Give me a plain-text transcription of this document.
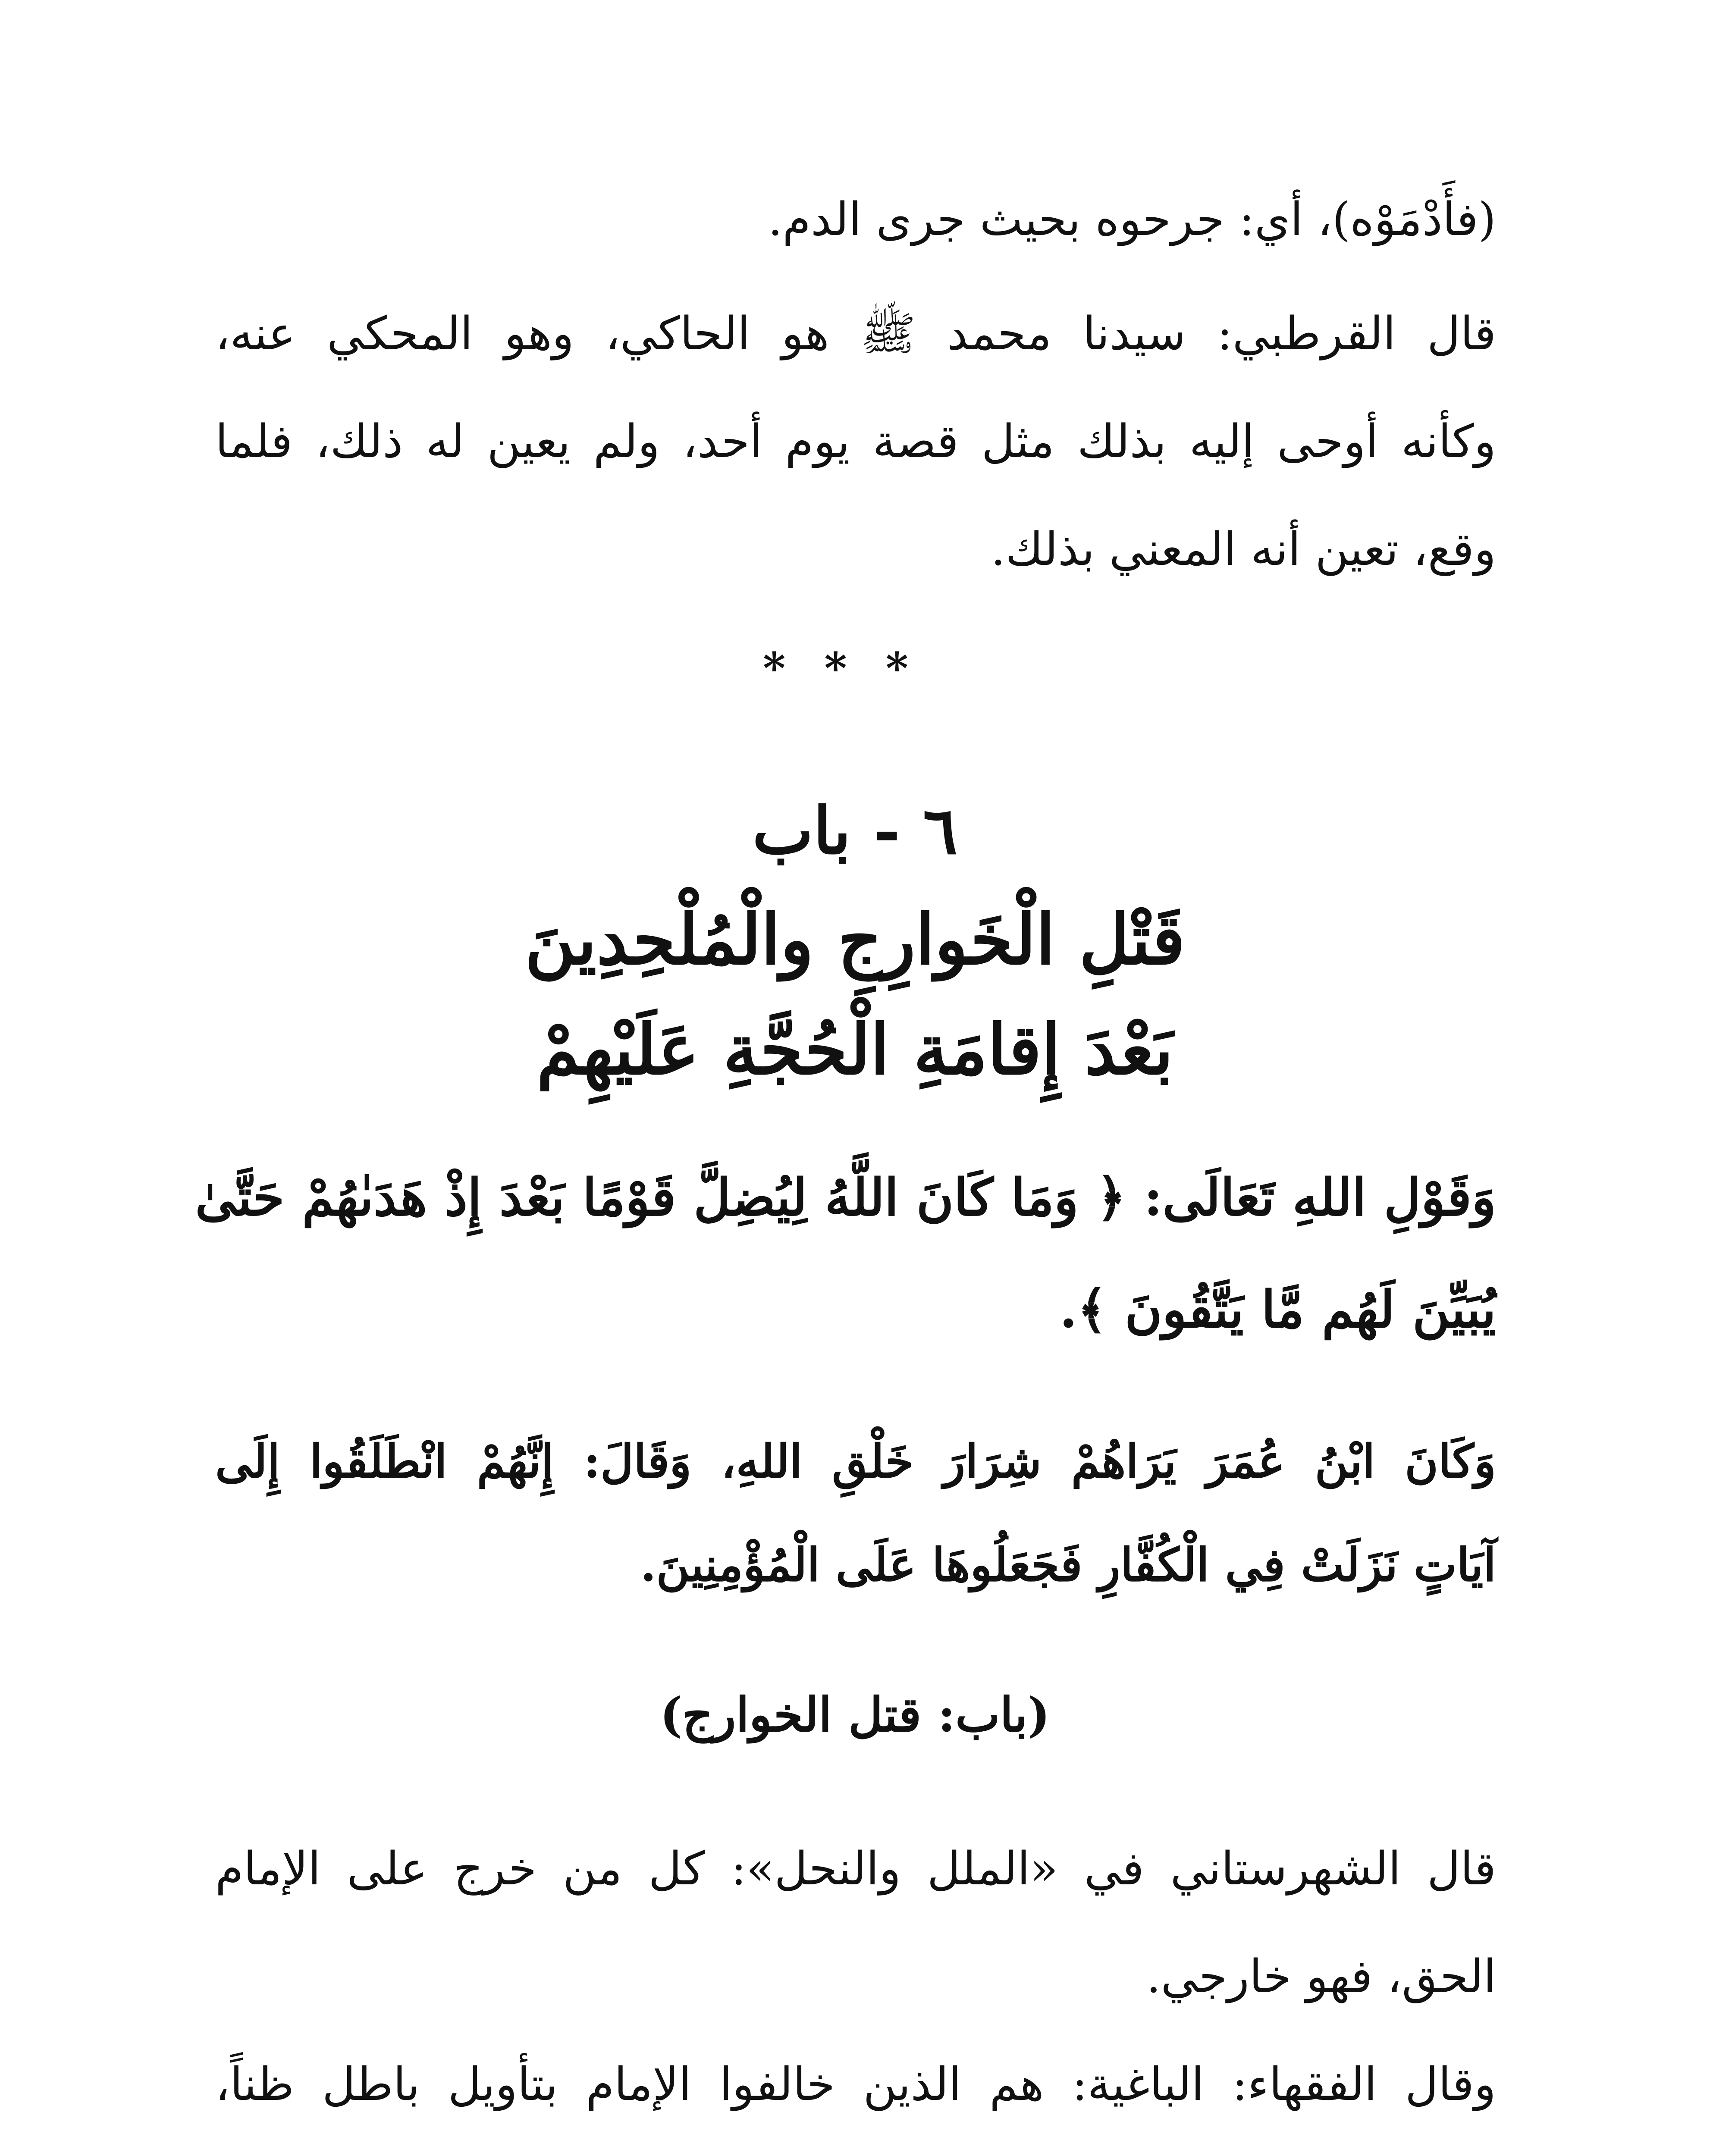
(فأَدْمَوْه)، أي: جرحوه بحيث جرى الدم.
قال القرطبي: سيدنا محمد ﷺ هو الحاكي، وهو المحكي عنه،
وكأنه أوحى إليه بذلك مثل قصة يوم أحد، ولم يعين له ذلك، فلما
وقع، تعين أنه المعني بذلك.
***
٦ - باب
قَتْلِ الْخَوارِجِ والْمُلْحِدِينَ
بَعْدَ إِقامَةِ الْحُجَّةِ عَلَيْهِمْ
وَقَوْلِ اللهِ تَعَالَى: ﴿ وَمَا كَانَ اللَّهُ لِيُضِلَّ قَوْمًا بَعْدَ إِذْ هَدَىٰهُمْ حَتَّىٰ
يُبَيِّنَ لَهُم مَّا يَتَّقُونَ ﴾.
وَكَانَ ابْنُ عُمَرَ يَرَاهُمْ شِرَارَ خَلْقِ اللهِ، وَقَالَ: إِنَّهُمْ انْطَلَقُوا إِلَى
آيَاتٍ نَزَلَتْ فِي الْكُفَّارِ فَجَعَلُوهَا عَلَى الْمُؤْمِنِينَ.
(باب: قتل الخوارج)
قال الشهرستاني في «الملل والنحل»: كل من خرج على الإمام
الحق، فهو خارجي.
وقال الفقهاء: الباغية: هم الذين خالفوا الإمام بتأويل باطل ظناً،
